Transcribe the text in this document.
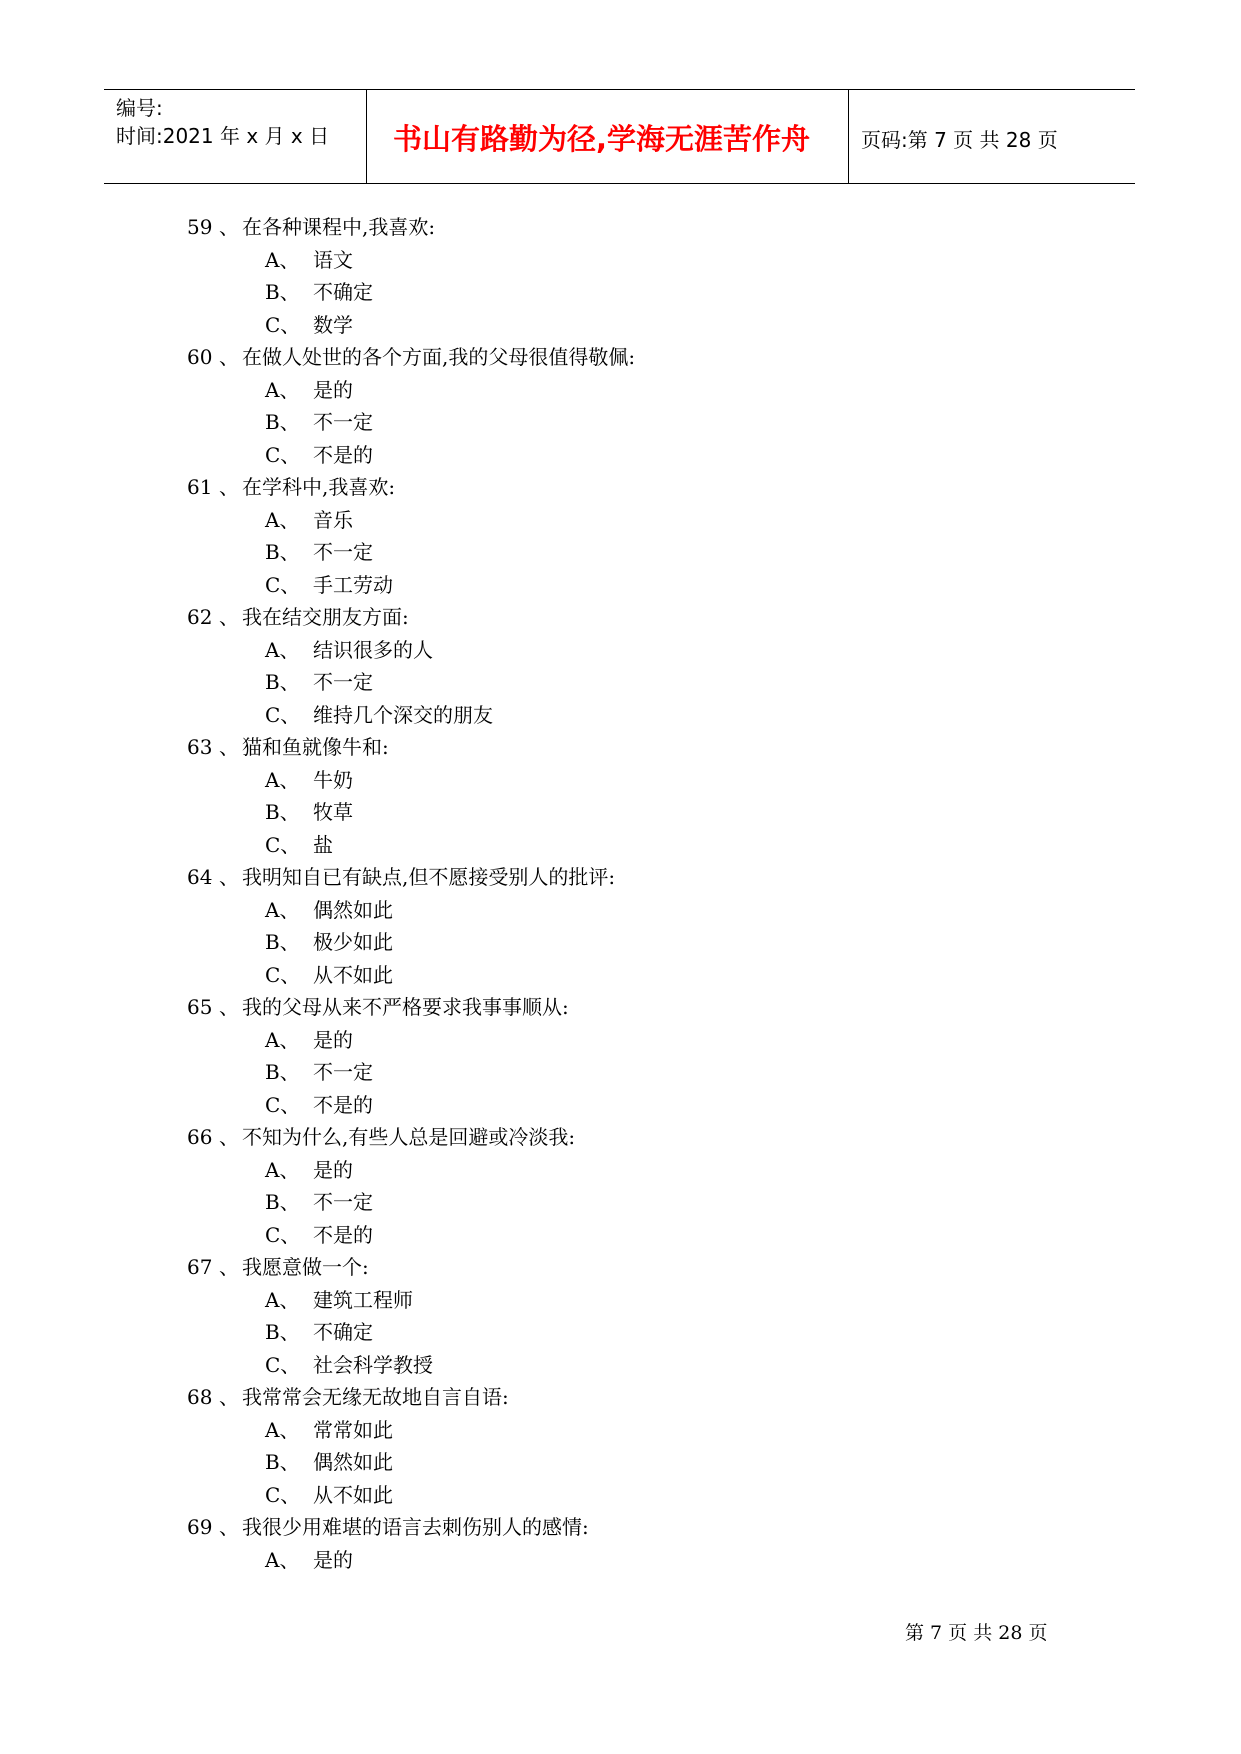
编号:
时间:2021 年 x 月 x 日 书山有路勤为径,学海无涯苦作舟	页码:第 7 页 共 28 页
59 、 在各种课程中,我喜欢:
A、 语文
B、 不确定
C、 数学
60 、 在做人处世的各个方面,我的父母很值得敬佩:
A、 是的
B、 不一定
C、 不是的
61 、 在学科中,我喜欢:
A、 音乐
B、 不一定
C、 手工劳动
62 、 我在结交朋友方面:
A、 结识很多的人
B、 不一定
C、 维持几个深交的朋友
63 、 猫和鱼就像牛和:
A、 牛奶
B、 牧草
C、 盐
64 、 我明知自已有缺点,但不愿接受别人的批评:
A、 偶然如此
B、 极少如此
C、 从不如此
65 、 我的父母从来不严格要求我事事顺从:
A、 是的
B、 不一定
C、 不是的
66 、 不知为什么,有些人总是回避或冷淡我:
A、 是的
B、 不一定
C、 不是的
67 、 我愿意做一个:
A、 建筑工程师
B、 不确定
C、 社会科学教授
68 、 我常常会无缘无故地自言自语:
A、 常常如此
B、 偶然如此
C、 从不如此
69 、 我很少用难堪的语言去刺伤别人的感情:
A、 是的
第 7 页 共 28 页
